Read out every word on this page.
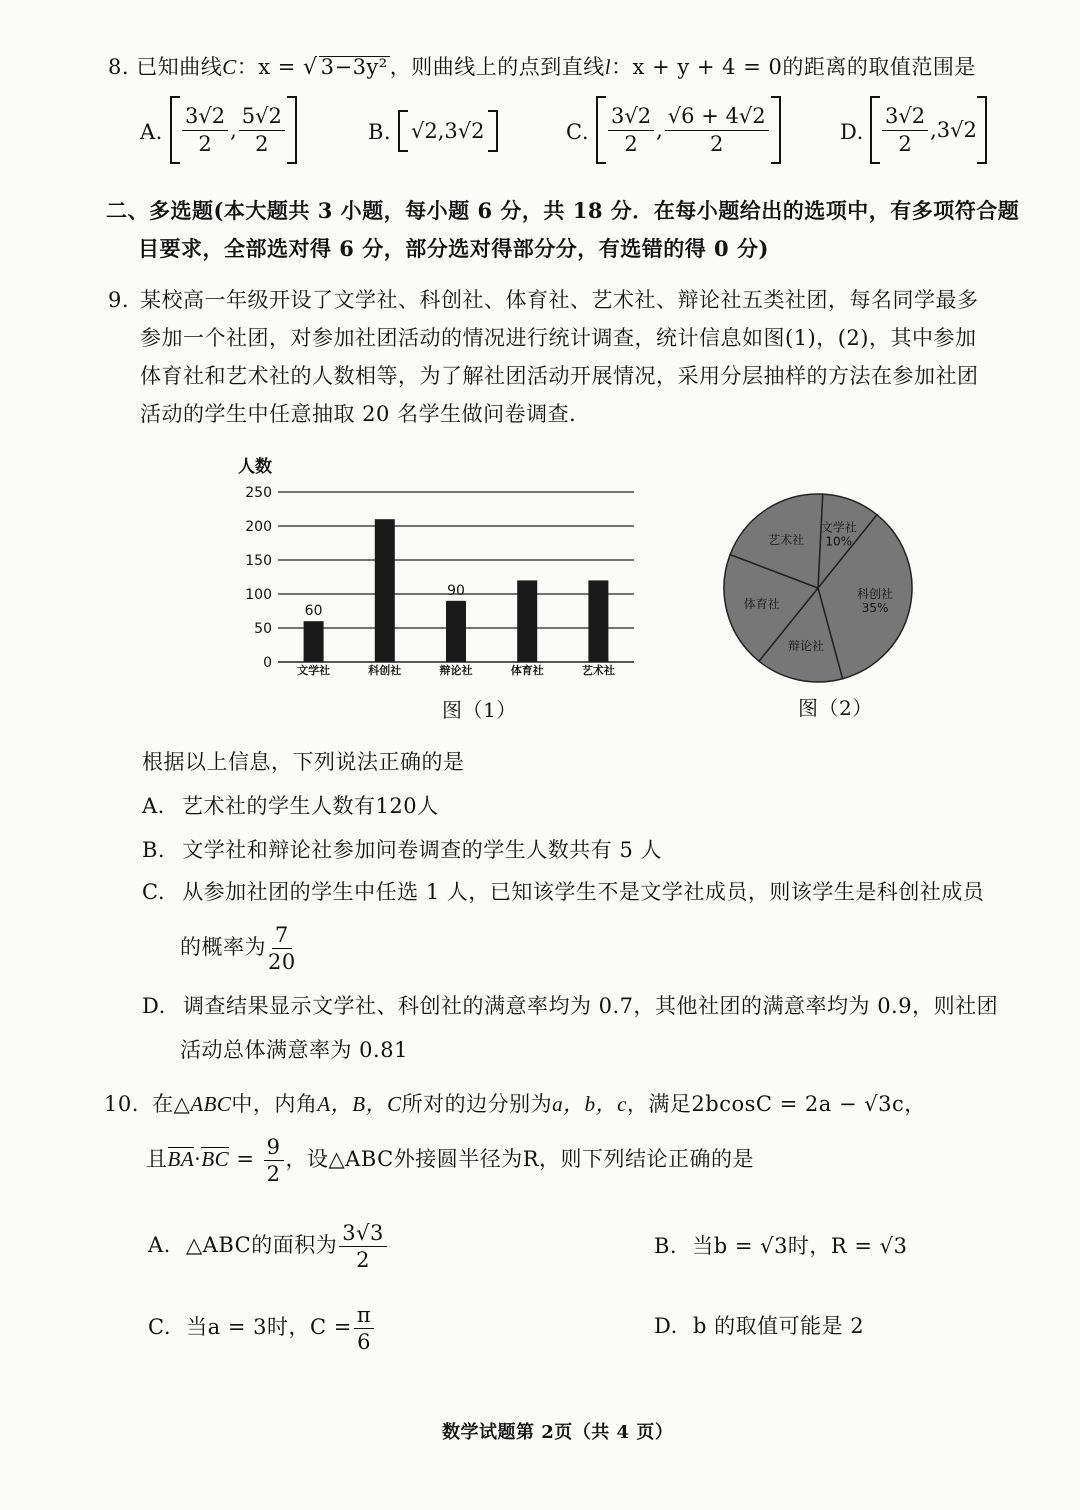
8. 已知曲线C：x = √ 3−3y²，则曲线上的点到直线l：x + y + 4 = 0的距离的取值范围是
A. $\frac{3√2}{2}$ , $\frac{5√2}{2}$	B. √2,3√2	C. $\frac{3√2}{2}$ , $\frac{√6 + 4√2}{2}$	D. $\frac{3√2}{2} ,3√2$
二、多选题(本大题共 3 小题，每小题 6 分，共 18 分．在每小题给出的选项中，有多项符合题
目要求，全部选对得 6 分，部分选对得部分分，有选错的得 0 分)
9. 某校高一年级开设了文学社、科创社、体育社、艺术社、辩论社五类社团，每名同学最多
参加一个社团，对参加社团活动的情况进行统计调查，统计信息如图(1)，(2)，其中参加
体育社和艺术社的人数相等，为了解社团活动开展情况，采用分层抽样的方法在参加社团
活动的学生中任意抽取 20 名学生做问卷调查．
人数
0
50
100
150
200
250
文学社
60
科创社	辩论社
90
体育社	艺术社
图（1）
文学社
10%
科创社
35%
辩论社
体育社
艺术社
图（2）
根据以上信息，下列说法正确的是
A. 艺术社的学生人数有120人
B. 文学社和辩论社参加问卷调查的学生人数共有 5 人
C. 从参加社团的学生中任选 1 人，已知该学生不是文学社成员，则该学生是科创社成员
的概率为 $\frac{7}{20}$
D. 调查结果显示文学社、科创社的满意率均为 0.7，其他社团的满意率均为 0.9，则社团
活动总体满意率为 0.81
10. 在△ABC中，内角A，B，C所对的边分别为a，b，c，满足2bcosC = 2a − √3c，
且$BA\cdot BC = \frac{9}{2}$ ，设△ABC外接圆半径为R，则下列结论正确的是
A. △ABC的面积为 $\frac{3√3}{2}$	B. 当b = √3时，R = √3
C. 当a = 3时，$C = \frac{\pi}{6}$	D. b 的取值可能是 2
数学试题第 2页（共 4 页）
